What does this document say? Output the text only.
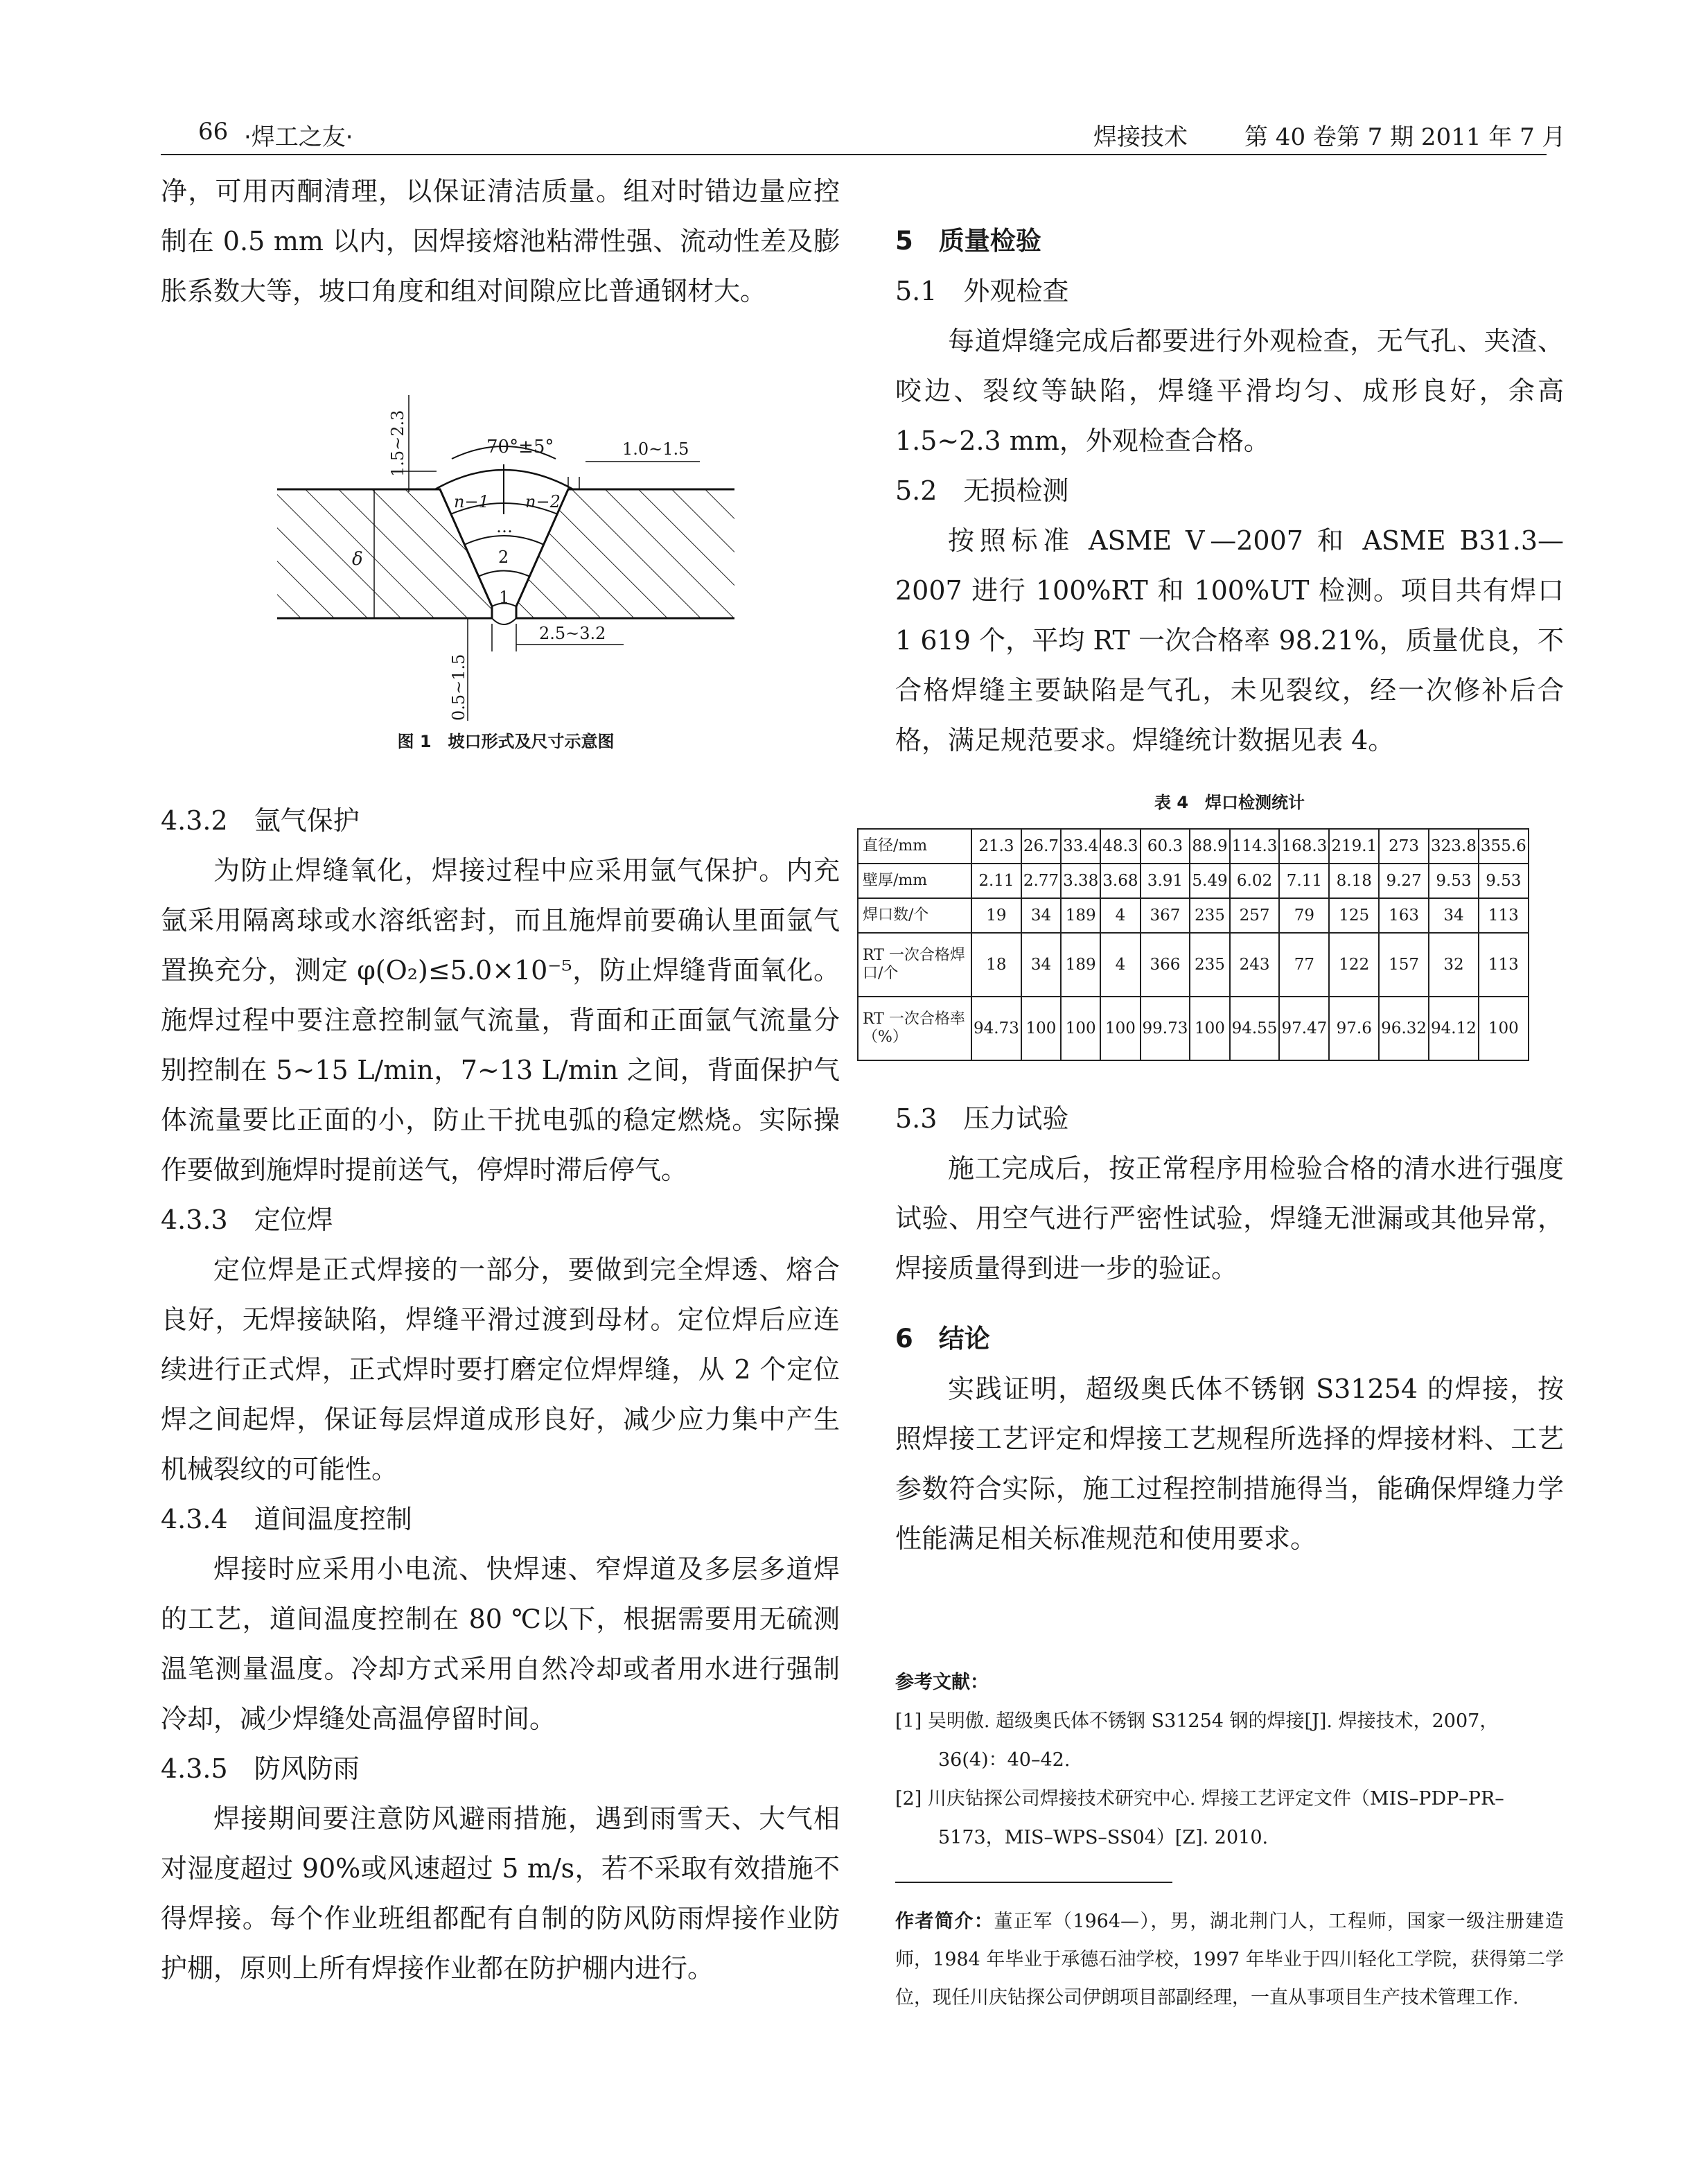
66 ·焊工之友·	焊接技术 第 40 卷第 7 期 2011 年 7 月

净，可用丙酮清理，以保证清洁质量。组对时错边量应控制在 0.5 mm 以内，因焊接熔池粘滞性强、流动性差及膨胀系数大等，坡口角度和组对间隙应比普通钢材大。

70°±5°
1.5~2.3	1.0~1.5
δ
2.5~3.2
0.5~1.5
n−1 n−2
…
2
1
图 1　坡口形式及尺寸示意图

4.3.2　氩气保护

为防止焊缝氧化，焊接过程中应采用氩气保护。内充氩采用隔离球或水溶纸密封，而且施焊前要确认里面氩气置换充分，测定 φ(O₂)≤5.0×10⁻⁵，防止焊缝背面氧化。施焊过程中要注意控制氩气流量，背面和正面氩气流量分别控制在 5~15 L/min，7~13 L/min 之间，背面保护气体流量要比正面的小，防止干扰电弧的稳定燃烧。实际操作要做到施焊时提前送气，停焊时滞后停气。

4.3.3　定位焊

定位焊是正式焊接的一部分，要做到完全焊透、熔合良好，无焊接缺陷，焊缝平滑过渡到母材。定位焊后应连续进行正式焊，正式焊时要打磨定位焊焊缝，从 2 个定位焊之间起焊，保证每层焊道成形良好，减少应力集中产生机械裂纹的可能性。

4.3.4　道间温度控制

焊接时应采用小电流、快焊速、窄焊道及多层多道焊的工艺，道间温度控制在 80 ℃以下，根据需要用无硫测温笔测量温度。冷却方式采用自然冷却或者用水进行强制冷却，减少焊缝处高温停留时间。

4.3.5　防风防雨

焊接期间要注意防风避雨措施，遇到雨雪天、大气相对湿度超过 90%或风速超过 5 m/s，若不采取有效措施不得焊接。每个作业班组都配有自制的防风防雨焊接作业防护棚，原则上所有焊接作业都在防护棚内进行。

5　质量检验

5.1　外观检查

每道焊缝完成后都要进行外观检查，无气孔、夹渣、咬边、裂纹等缺陷，焊缝平滑均匀、成形良好，余高 1.5~2.3 mm，外观检查合格。

5.2　无损检测

按照标准 ASME Ⅴ—2007 和 ASME B31.3—2007 进行 100%RT 和 100%UT 检测。项目共有焊口 1 619 个，平均 RT 一次合格率 98.21%，质量优良，不合格焊缝主要缺陷是气孔，未见裂纹，经一次修补后合格，满足规范要求。焊缝统计数据见表 4。

表 4　焊口检测统计
直径/mm	21.3	26.7	33.4	48.3	60.3	88.9	114.3	168.3	219.1	273	323.8	355.6
壁厚/mm	2.11	2.77	3.38	3.68	3.91	5.49	6.02	7.11	8.18	9.27	9.53	9.53
焊口数/个	19	34	189	4	367	235	257	79	125	163	34	113
RT 一次合格焊口/个	18	34	189	4	366	235	243	77	122	157	32	113
RT 一次合格率（%）	94.73	100	100	100	99.73	100	94.55	97.47	97.6	96.32	94.12	100

5.3　压力试验

施工完成后，按正常程序用检验合格的清水进行强度试验、用空气进行严密性试验，焊缝无泄漏或其他异常，焊接质量得到进一步的验证。

6　结论

实践证明，超级奥氏体不锈钢 S31254 的焊接，按照焊接工艺评定和焊接工艺规程所选择的焊接材料、工艺参数符合实际，施工过程控制措施得当，能确保焊缝力学性能满足相关标准规范和使用要求。

参考文献：

[1] 吴明傲. 超级奥氏体不锈钢 S31254 钢的焊接[J]. 焊接技术，2007，36(4)：40–42.

[2] 川庆钻探公司焊接技术研究中心. 焊接工艺评定文件（MIS–PDP–PR–5173，MIS–WPS–SS04）[Z]. 2010.

作者简介：董正军（1964—），男，湖北荆门人，工程师，国家一级注册建造师，1984 年毕业于承德石油学校，1997 年毕业于四川轻化工学院，获得第二学位，现任川庆钻探公司伊朗项目部副经理，一直从事项目生产技术管理工作.
